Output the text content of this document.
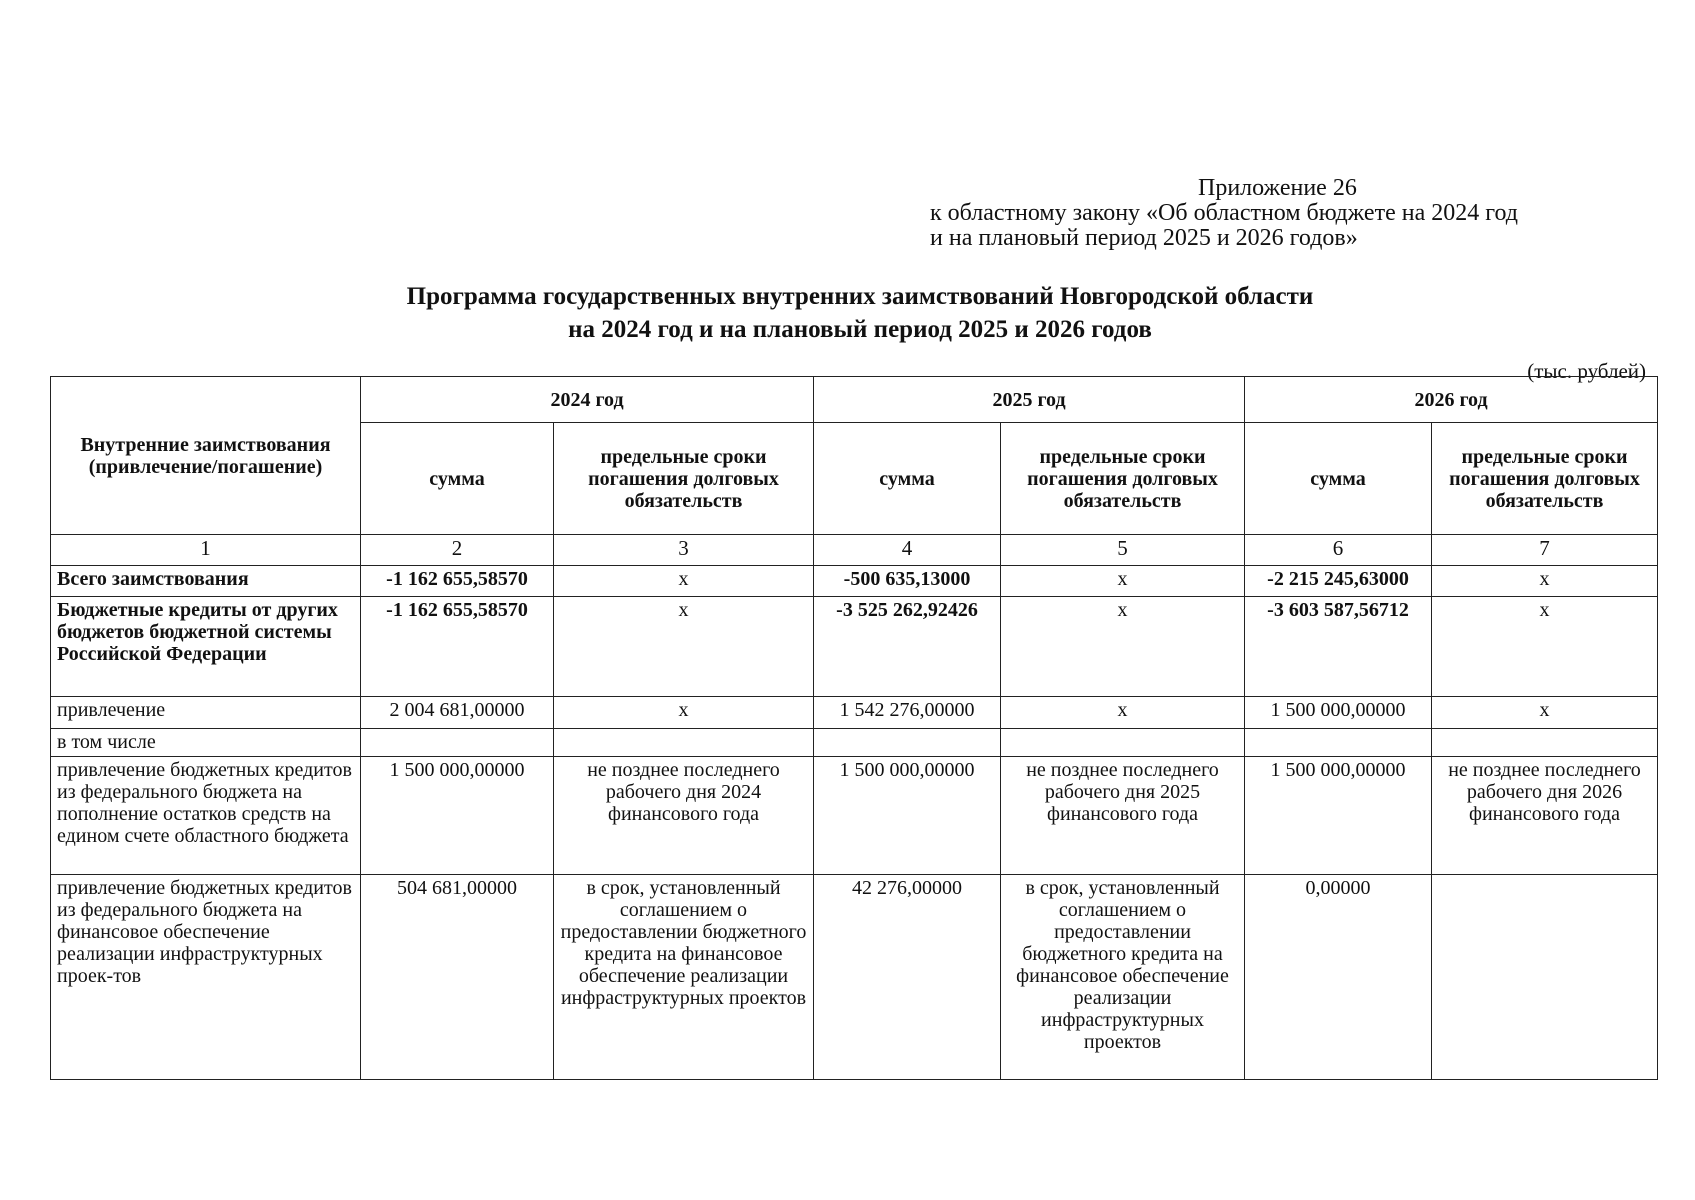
Приложение 26
к областному закону «Об областном бюджете на 2024 год
и на плановый период 2025 и 2026 годов»
Программа государственных внутренних заимствований Новгородской области
на 2024 год и на плановый период 2025 и 2026 годов
(тыс. рублей)
Внутренние заимствования (привлечение/погашение)	2024 год		2025 год		2026 год	
	сумма	предельные сроки погашения долговых обязательств	сумма	предельные сроки погашения долговых обязательств	сумма	предельные сроки погашения долговых обязательств
1	2	3	4	5	6	7
Всего заимствования	-1 162 655,58570	х	-500 635,13000	х	-2 215 245,63000	х
Бюджетные кредиты от других бюджетов бюджетной системы Российской Федерации	-1 162 655,58570	х	-3 525 262,92426	х	-3 603 587,56712	х
привлечение	2 004 681,00000	х	1 542 276,00000	х	1 500 000,00000	х
в том числе						
привлечение бюджетных кредитов из федерального бюджета на пополнение остатков средств на едином счете областного бюджета	1 500 000,00000	не позднее последнего рабочего дня 2024 финансового года	1 500 000,00000	не позднее последнего рабочего дня 2025 финансового года	1 500 000,00000	не позднее последнего рабочего дня 2026 финансового года
привлечение бюджетных кредитов из федерального бюджета на финансовое обеспечение реализации инфраструктурных проек-тов	504 681,00000	в срок, установленный соглашением о предоставлении бюджетного кредита на финансовое обеспечение реализации инфраструктурных проектов	42 276,00000	в срок, установленный соглашением о предоставлении бюджетного кредита на финансовое обеспечение реализации инфраструктурных проектов	0,00000	
